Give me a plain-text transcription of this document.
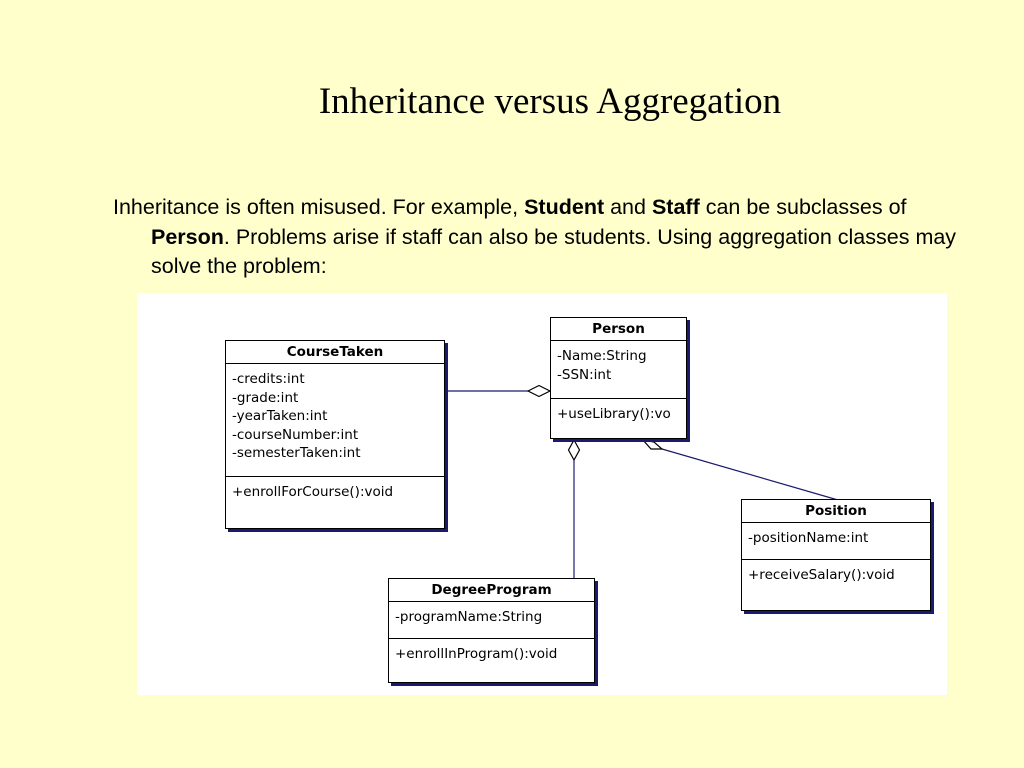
Inheritance versus Aggregation

Inheritance is often misused. For example, Student and Staff can be subclasses of Person. Problems arise if staff can also be students. Using aggregation classes may solve the problem:

Person
-Name:String
-SSN:int
+useLibrary():vo
CourseTaken
-credits:int
-grade:int
-yearTaken:int
-courseNumber:int
-semesterTaken:int
+enrollForCourse():void
Position
-positionName:int
+receiveSalary():void
DegreeProgram
-programName:String
+enrollInProgram():void
